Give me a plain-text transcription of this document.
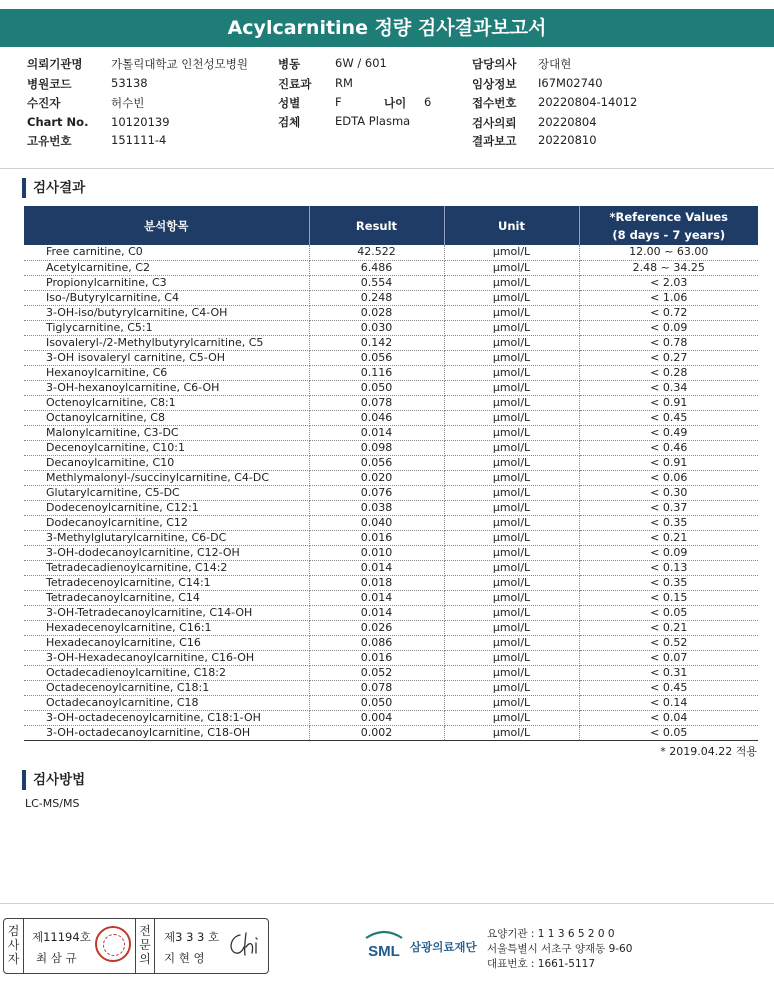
Acylcarnitine 정량 검사결과보고서
의뢰기관명 가톨릭대학교 인천성모병원
병원코드	53138
수진자	허수빈
Chart No. 10120139
고유번호	151111-4
병동	6W / 601
진료과 RM
성별	F	나이 6
검체	EDTA Plasma
담당의사 장대현
임상정보 I67M02740
접수번호 20220804-14012
검사의뢰 20220804
결과보고 20220810
검사결과
분석항목	Result	Unit	*Reference Values
(8 days - 7 years)

Free carnitine, C0	42.522	μmol/L	12.00 ~ 63.00
Acetylcarnitine, C2	6.486	μmol/L	2.48 ~ 34.25
Propionylcarnitine, C3	0.554	μmol/L	< 2.03
Iso-/Butyrylcarnitine, C4	0.248	μmol/L	< 1.06
3-OH-iso/butyrylcarnitine, C4-OH	0.028	μmol/L	< 0.72
Tiglycarnitine, C5:1	0.030	μmol/L	< 0.09
Isovaleryl-/2-Methylbutyrylcarnitine, C5	0.142	μmol/L	< 0.78
3-OH isovaleryl carnitine, C5-OH	0.056	μmol/L	< 0.27
Hexanoylcarnitine, C6	0.116	μmol/L	< 0.28
3-OH-hexanoylcarnitine, C6-OH	0.050	μmol/L	< 0.34
Octenoylcarnitine, C8:1	0.078	μmol/L	< 0.91
Octanoylcarnitine, C8	0.046	μmol/L	< 0.45
Malonylcarnitine, C3-DC	0.014	μmol/L	< 0.49
Decenoylcarnitine, C10:1	0.098	μmol/L	< 0.46
Decanoylcarnitine, C10	0.056	μmol/L	< 0.91
Methlymalonyl-/succinylcarnitine, C4-DC	0.020	μmol/L	< 0.06
Glutarylcarnitine, C5-DC	0.076	μmol/L	< 0.30
Dodecenoylcarnitine, C12:1	0.038	μmol/L	< 0.37
Dodecanoylcarnitine, C12	0.040	μmol/L	< 0.35
3-Methylglutarylcarnitine, C6-DC	0.016	μmol/L	< 0.21
3-OH-dodecanoylcarnitine, C12-OH	0.010	μmol/L	< 0.09
Tetradecadienoylcarnitine, C14:2	0.014	μmol/L	< 0.13
Tetradecenoylcarnitine, C14:1	0.018	μmol/L	< 0.35
Tetradecanoylcarnitine, C14	0.014	μmol/L	< 0.15
3-OH-Tetradecanoylcarnitine, C14-OH	0.014	μmol/L	< 0.05
Hexadecenoylcarnitine, C16:1	0.026	μmol/L	< 0.21
Hexadecanoylcarnitine, C16	0.086	μmol/L	< 0.52
3-OH-Hexadecanoylcarnitine, C16-OH	0.016	μmol/L	< 0.07
Octadecadienoylcarnitine, C18:2	0.052	μmol/L	< 0.31
Octadecenoylcarnitine, C18:1	0.078	μmol/L	< 0.45
Octadecanoylcarnitine, C18	0.050	μmol/L	< 0.14
3-OH-octadecenoylcarnitine, C18:1-OH	0.004	μmol/L	< 0.04
3-OH-octadecanoylcarnitine, C18-OH	0.002	μmol/L	< 0.05
* 2019.04.22 적용
검사방법
LC-MS/MS
검
사
자
제11194호
최 삼 규
전
문
의
제3 3 3 호
지 현 영	SML 삼광의료재단
요양기관 : 1 1 3 6 5 2 0 0
서울특별시 서초구 양재동 9-60
대표번호 : 1661-5117
